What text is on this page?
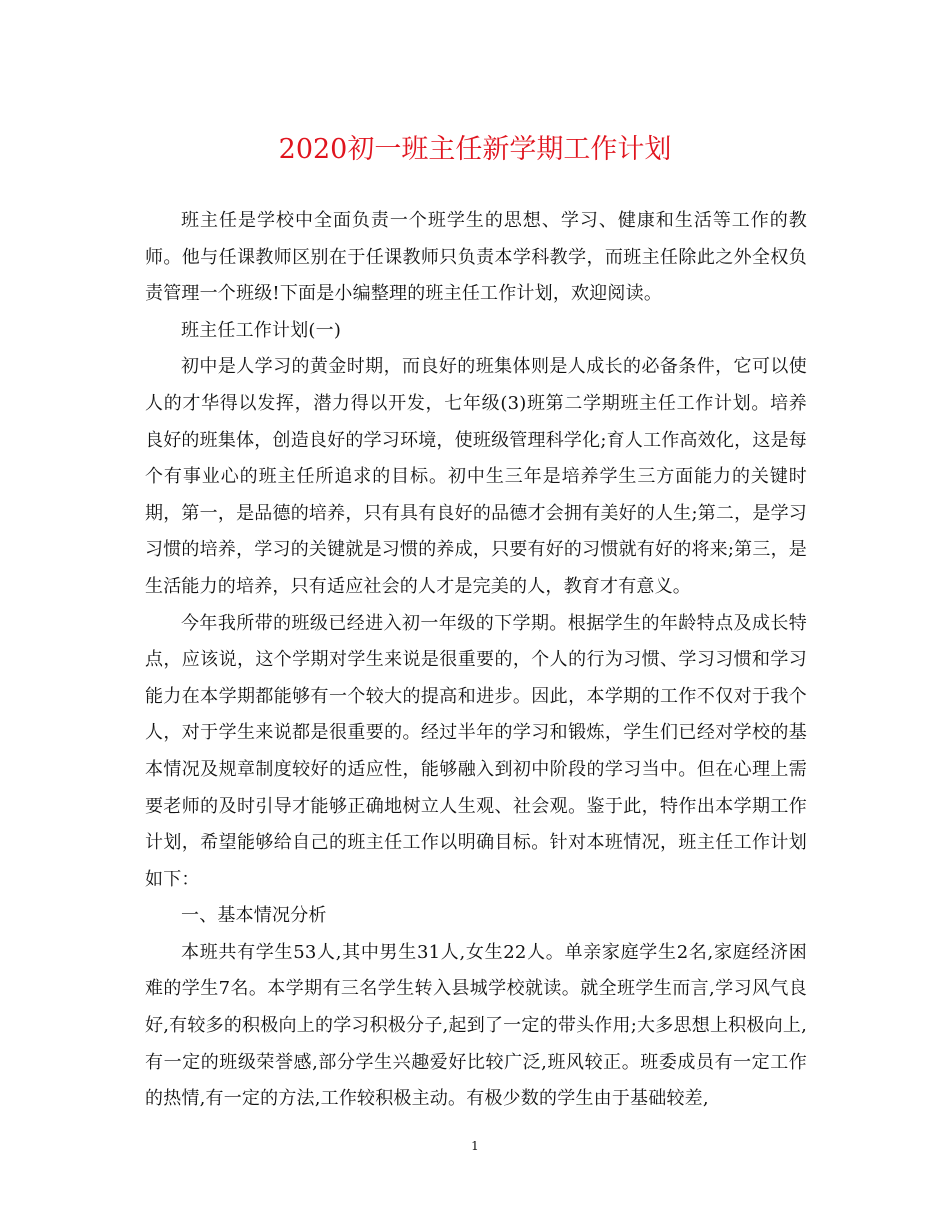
2020初一班主任新学期工作计划

班主任是学校中全面负责一个班学生的思想、学习、健康和生活等工作的教师。他与任课教师区别在于任课教师只负责本学科教学，而班主任除此之外全权负责管理一个班级!下面是小编整理的班主任工作计划，欢迎阅读。

班主任工作计划(一)

初中是人学习的黄金时期，而良好的班集体则是人成长的必备条件，它可以使人的才华得以发挥，潜力得以开发，七年级(3)班第二学期班主任工作计划。培养良好的班集体，创造良好的学习环境，使班级管理科学化;育人工作高效化，这是每个有事业心的班主任所追求的目标。初中生三年是培养学生三方面能力的关键时期，第一，是品德的培养，只有具有良好的品德才会拥有美好的人生;第二，是学习习惯的培养，学习的关键就是习惯的养成，只要有好的习惯就有好的将来;第三，是生活能力的培养，只有适应社会的人才是完美的人，教育才有意义。

今年我所带的班级已经进入初一年级的下学期。根据学生的年龄特点及成长特点，应该说，这个学期对学生来说是很重要的，个人的行为习惯、学习习惯和学习能力在本学期都能够有一个较大的提高和进步。因此，本学期的工作不仅对于我个人，对于学生来说都是很重要的。经过半年的学习和锻炼，学生们已经对学校的基本情况及规章制度较好的适应性，能够融入到初中阶段的学习当中。但在心理上需要老师的及时引导才能够正确地树立人生观、社会观。鉴于此，特作出本学期工作计划，希望能够给自己的班主任工作以明确目标。针对本班情况，班主任工作计划如下：

一、基本情况分析

本班共有学生53人,其中男生31人,女生22人。单亲家庭学生2名,家庭经济困难的学生7名。本学期有三名学生转入县城学校就读。就全班学生而言,学习风气良好,有较多的积极向上的学习积极分子,起到了一定的带头作用;大多思想上积极向上,有一定的班级荣誉感,部分学生兴趣爱好比较广泛,班风较正。班委成员有一定工作的热情,有一定的方法,工作较积极主动。有极少数的学生由于基础较差,

1
